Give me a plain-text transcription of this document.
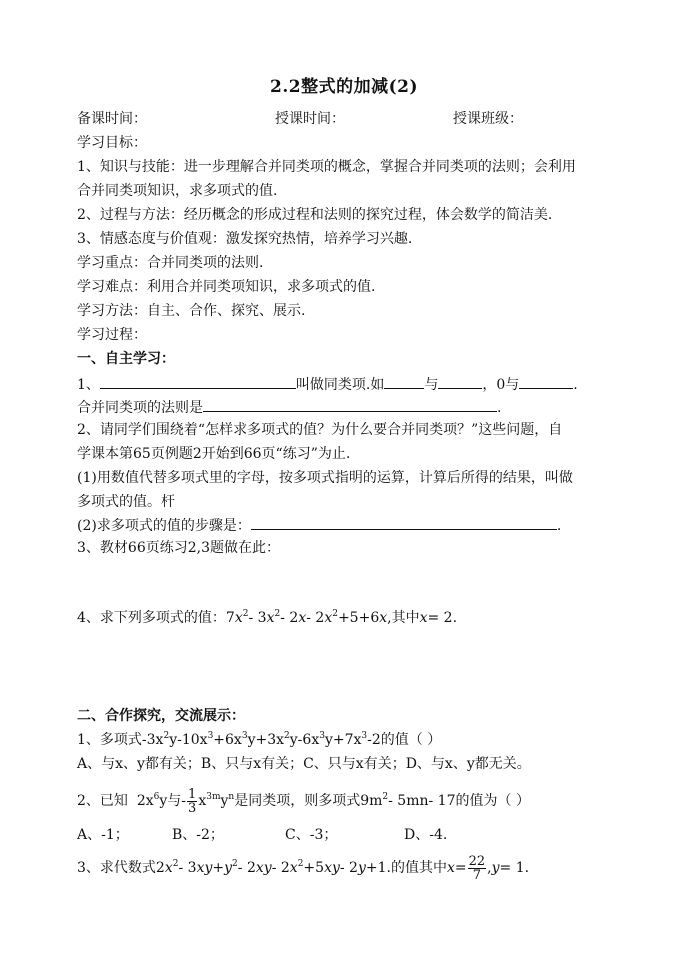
2.2整式的加减(2)
备课时间：	授课时间：	授课班级：
学习目标：
1、知识与技能：进一步理解合并同类项的概念，掌握合并同类项的法则；会利用
合并同类项知识，求多项式的值.
2、过程与方法：经历概念的形成过程和法则的探究过程，体会数学的简洁美.
3、情感态度与价值观：激发探究热情，培养学习兴趣.
学习重点：合并同类项的法则.
学习难点：利用合并同类项知识，求多项式的值.
学习方法：自主、合作、探究、展示.
学习过程：
一、自主学习：
1、	叫做同类项.如	与	，0与	.
合并同类项的法则是	.
2、请同学们围绕着“怎样求多项式的值？为什么要合并同类项？”这些问题，自
学课本第65页例题2开始到66页“练习”为止.
(1)用数值代替多项式里的字母，按多项式指明的运算，计算后所得的结果，叫做
多项式的值。杆
(2)求多项式的值的步骤是：	.
3、教材66页练习2,3题做在此：
4、求下列多项式的值：$7x^2-$ $3x^2-$ 2x- $2x^2+5+6x$,其中x= 2.
二、合作探究，交流展示：
1、多项式$-3x^2y-10x^3+6x^3y+3x^2y-6x^3y+7x^3-2$的值（ ）
A、与x、y都有关；B、只与x有关；C、只与x有关；D、与x、y都无关。
2、已知  $2x^6y$与- $\frac{1}{3} x^{3m}y^n$是同类项，则多项式$9m^2-$ 5mn- 17的值为（ ）
A、-1；	B、-2；	C、-3；	D、-4.
3、求代数式$2x^2-$ $3xy+y^2-$ 2xy- $2x^2+5xy-$ 2y+1.的值其中$x= \frac{22}{7} ,y= 1$.
